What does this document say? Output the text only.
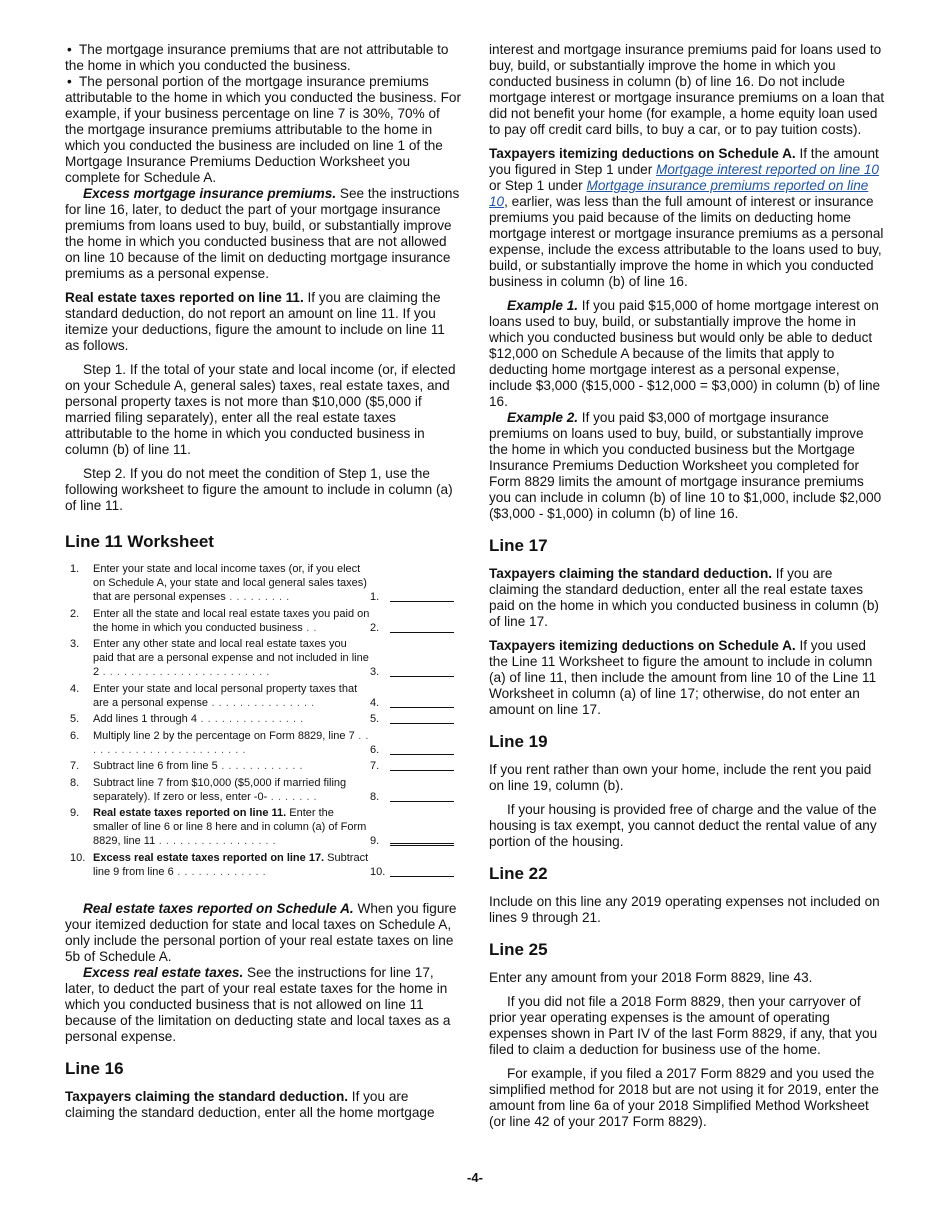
• The mortgage insurance premiums that are not attributable to the home in which you conducted the business.

• The personal portion of the mortgage insurance premiums attributable to the home in which you conducted the business. For example, if your business percentage on line 7 is 30%, 70% of the mortgage insurance premiums attributable to the home in which you conducted the business are included on line 1 of the Mortgage Insurance Premiums Deduction Worksheet you complete for Schedule A.

Excess mortgage insurance premiums. See the instructions for line 16, later, to deduct the part of your mortgage insurance premiums from loans used to buy, build, or substantially improve the home in which you conducted business that are not allowed on line 10 because of the limit on deducting mortgage insurance premiums as a personal expense.

Real estate taxes reported on line 11. If you are claiming the standard deduction, do not report an amount on line 11. If you itemize your deductions, figure the amount to include on line 11 as follows.

Step 1. If the total of your state and local income (or, if elected on your Schedule A, general sales) taxes, real estate taxes, and personal property taxes is not more than $10,000 ($5,000 if married filing separately), enter all the real estate taxes attributable to the home in which you conducted business in column (b) of line 11.

Step 2. If you do not meet the condition of Step 1, use the following worksheet to figure the amount to include in column (a) of line 11.

Line 11 Worksheet
1.	Enter your state and local income taxes (or, if you elect on Schedule A, your state and local general sales taxes) that are personal expenses . . . . . . . . .	1.
2.	Enter all the state and local real estate taxes you paid on the home in which you conducted business . .	2.
3.	Enter any other state and local real estate taxes you paid that are a personal expense and not included in line 2 . . . . . . . . . . . . . . . . . . . . . . . .	3.
4.	Enter your state and local personal property taxes that are a personal expense . . . . . . . . . . . . . . .	4.
5.	Add lines 1 through 4 . . . . . . . . . . . . . . .	5.
6.	Multiply line 2 by the percentage on Form 8829, line 7 . . . . . . . . . . . . . . . . . . . . . . . .	6.
7.	Subtract line 6 from line 5 . . . . . . . . . . . .	7.
8.	Subtract line 7 from $10,000 ($5,000 if married filing separately). If zero or less, enter -0- . . . . . . .	8.
9.	Real estate taxes reported on line 11. Enter the smaller of line 6 or line 8 here and in column (a) of Form 8829, line 11 . . . . . . . . . . . . . . . . .	9.
10. Excess real estate taxes reported on line 17. Subtract line 9 from line 6 . . . . . . . . . . . . .	10.

Real estate taxes reported on Schedule A. When you figure your itemized deduction for state and local taxes on Schedule A, only include the personal portion of your real estate taxes on line 5b of Schedule A.

Excess real estate taxes. See the instructions for line 17, later, to deduct the part of your real estate taxes for the home in which you conducted business that is not allowed on line 11 because of the limitation on deducting state and local taxes as a personal expense.

Line 16

Taxpayers claiming the standard deduction. If you are claiming the standard deduction, enter all the home mortgage

interest and mortgage insurance premiums paid for loans used to buy, build, or substantially improve the home in which you conducted business in column (b) of line 16. Do not include mortgage interest or mortgage insurance premiums on a loan that did not benefit your home (for example, a home equity loan used to pay off credit card bills, to buy a car, or to pay tuition costs).

Taxpayers itemizing deductions on Schedule A. If the amount you figured in Step 1 under Mortgage interest reported on line 10 or Step 1 under Mortgage insurance premiums reported on line 10, earlier, was less than the full amount of interest or insurance premiums you paid because of the limits on deducting home mortgage interest or mortgage insurance premiums as a personal expense, include the excess attributable to the loans used to buy, build, or substantially improve the home in which you conducted business in column (b) of line 16.

Example 1. If you paid $15,000 of home mortgage interest on loans used to buy, build, or substantially improve the home in which you conducted business but would only be able to deduct $12,000 on Schedule A because of the limits that apply to deducting home mortgage interest as a personal expense, include $3,000 ($15,000 - $12,000 = $3,000) in column (b) of line 16.

Example 2. If you paid $3,000 of mortgage insurance premiums on loans used to buy, build, or substantially improve the home in which you conducted business but the Mortgage Insurance Premiums Deduction Worksheet you completed for Form 8829 limits the amount of mortgage insurance premiums you can include in column (b) of line 10 to $1,000, include $2,000 ($3,000 - $1,000) in column (b) of line 16.

Line 17

Taxpayers claiming the standard deduction. If you are claiming the standard deduction, enter all the real estate taxes paid on the home in which you conducted business in column (b) of line 17.

Taxpayers itemizing deductions on Schedule A. If you used the Line 11 Worksheet to figure the amount to include in column (a) of line 11, then include the amount from line 10 of the Line 11 Worksheet in column (a) of line 17; otherwise, do not enter an amount on line 17.

Line 19

If you rent rather than own your home, include the rent you paid on line 19, column (b).

If your housing is provided free of charge and the value of the housing is tax exempt, you cannot deduct the rental value of any portion of the housing.

Line 22

Include on this line any 2019 operating expenses not included on lines 9 through 21.

Line 25

Enter any amount from your 2018 Form 8829, line 43.

If you did not file a 2018 Form 8829, then your carryover of prior year operating expenses is the amount of operating expenses shown in Part IV of the last Form 8829, if any, that you filed to claim a deduction for business use of the home.

For example, if you filed a 2017 Form 8829 and you used the simplified method for 2018 but are not using it for 2019, enter the amount from line 6a of your 2018 Simplified Method Worksheet (or line 42 of your 2017 Form 8829).

-4-
